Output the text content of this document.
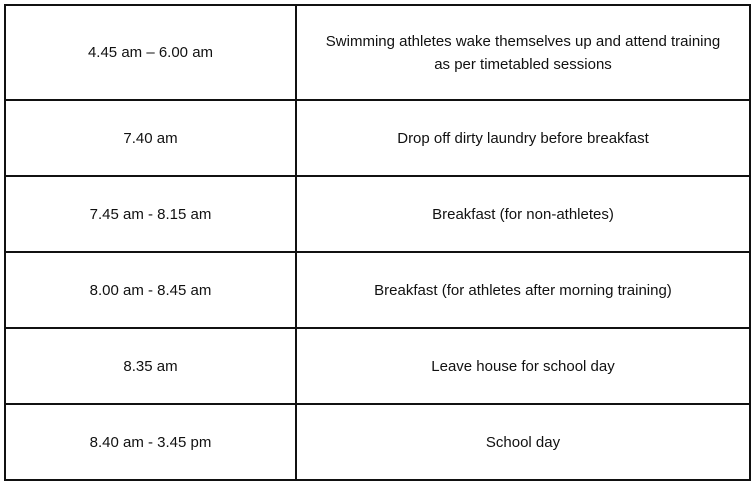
4.45 am – 6.00 am	Swimming athletes wake themselves up and attend training as per timetabled sessions
7.40 am	Drop off dirty laundry before breakfast
7.45 am - 8.15 am	Breakfast (for non-athletes)
8.00 am - 8.45 am	Breakfast (for athletes after morning training)
8.35 am	Leave house for school day
8.40 am - 3.45 pm	School day
